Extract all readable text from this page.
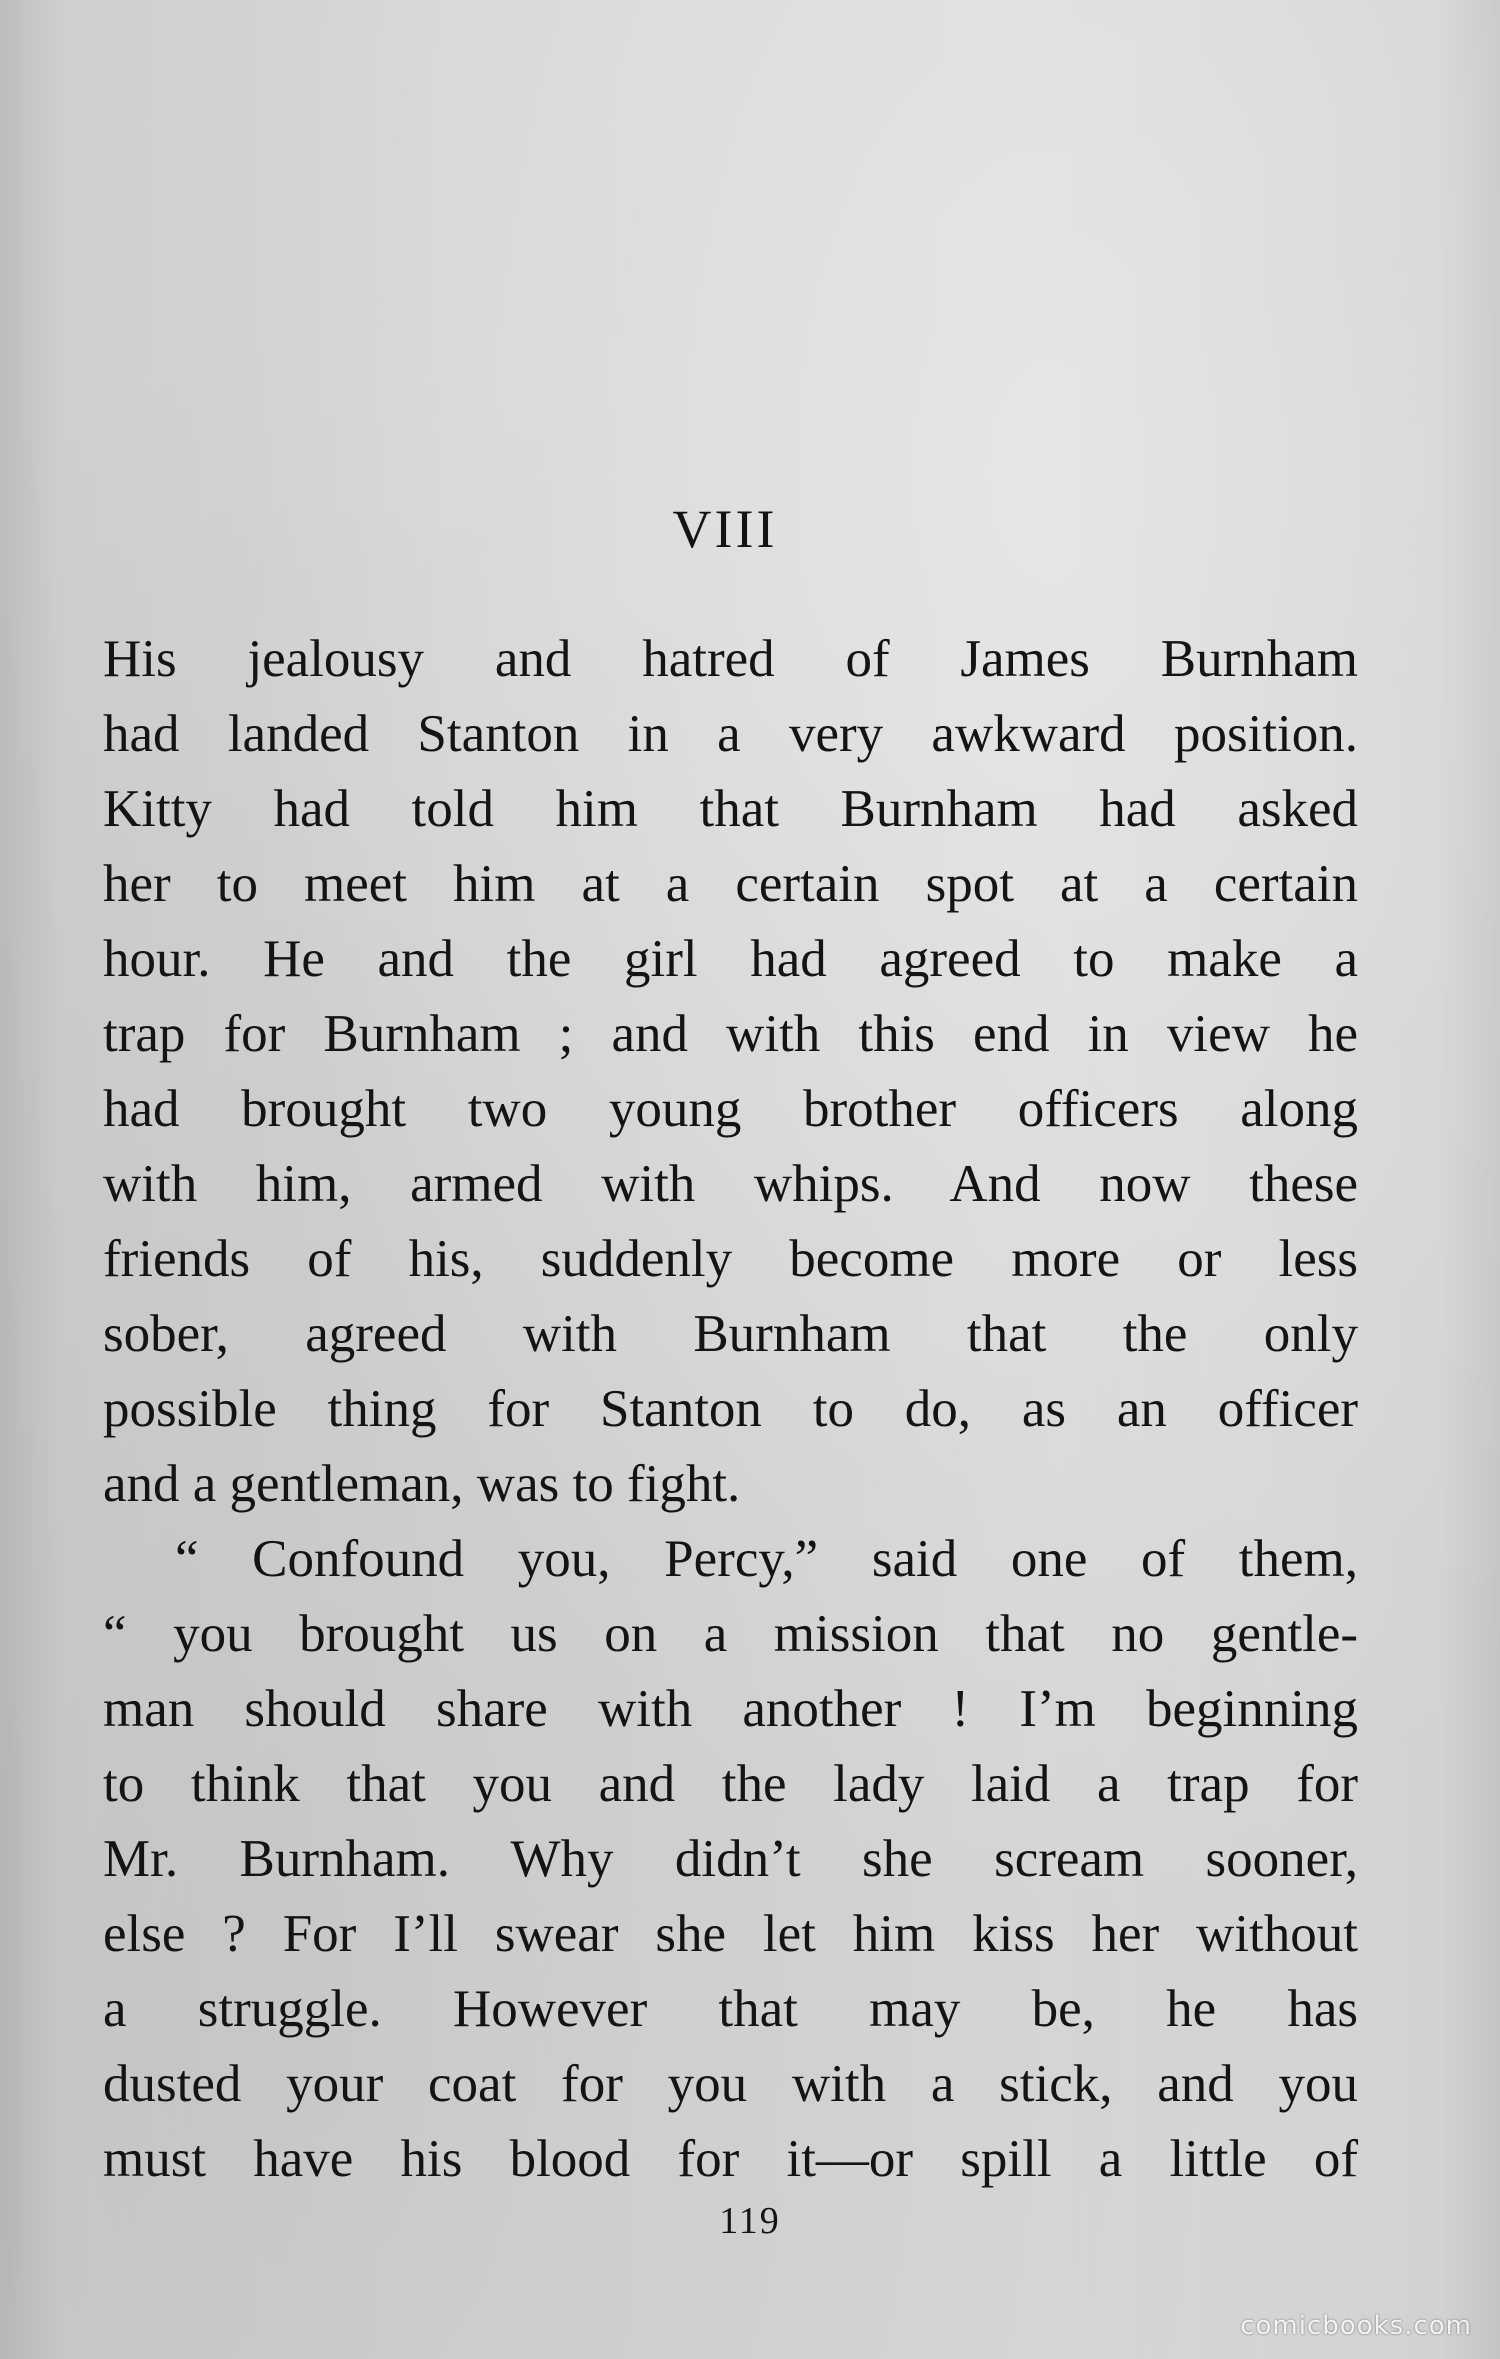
VIII
His jealousy and hatred of James Burnham
had landed Stanton in a very awkward position.
Kitty had told him that Burnham had asked
her to meet him at a certain spot at a certain
hour. He and the girl had agreed to make a
trap for Burnham ; and with this end in view he
had brought two young brother officers along
with him, armed with whips. And now these
friends of his, suddenly become more or less
sober, agreed with Burnham that the only
possible thing for Stanton to do, as an officer
and a gentleman, was to fight.
“ Confound you, Percy,” said one of them,
“ you brought us on a mission that no gentle-
man should share with another ! I’m beginning
to think that you and the lady laid a trap for
Mr. Burnham. Why didn’t she scream sooner,
else ? For I’ll swear she let him kiss her without
a struggle. However that may be, he has
dusted your coat for you with a stick, and you
must have his blood for it—or spill a little of
119
comicbooks.com
